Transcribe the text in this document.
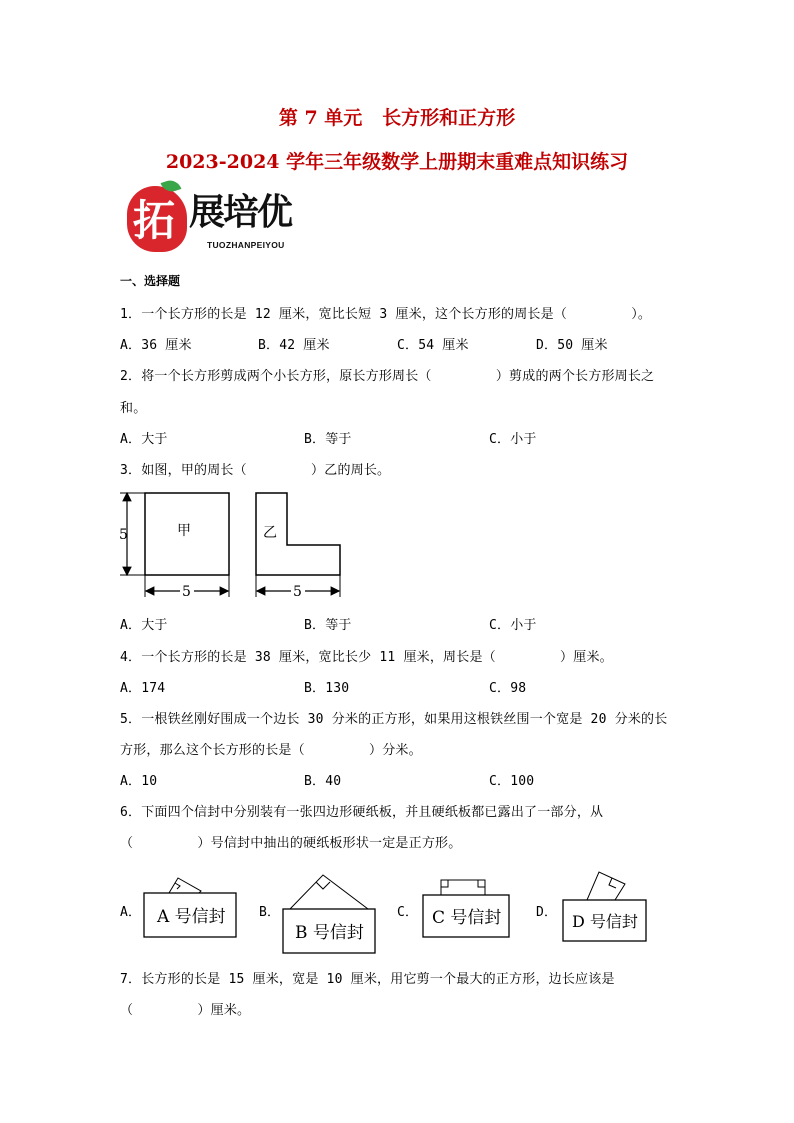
第 7 单元   长方形和正方形
2023-2024 学年三年级数学上册期末重难点知识练习
拓 展培优
TUOZHANPEIYOU
一、选择题
1．一个长方形的长是 12 厘米，宽比长短 3 厘米，这个长方形的周长是（        ）。
A．36 厘米	B．42 厘米	C．54 厘米	D．50 厘米
2．将一个长方形剪成两个小长方形，原长方形周长（        ）剪成的两个长方形周长之
和。
A．大于	B．等于	C．小于
3．如图，甲的周长（        ）乙的周长。
5	甲
5
乙
5
A．大于	B．等于	C．小于
4．一个长方形的长是 38 厘米，宽比长少 11 厘米，周长是（        ）厘米。
A．174	B．130	C．98
5．一根铁丝刚好围成一个边长 30 分米的正方形，如果用这根铁丝围一个宽是 20 分米的长
方形，那么这个长方形的长是（        ）分米。
A．10	B．40	C．100
6．下面四个信封中分别装有一张四边形硬纸板，并且硬纸板都已露出了一部分，从
（        ）号信封中抽出的硬纸板形状一定是正方形。
A．	B．	C．	D．
A 号信封
B 号信封
C 号信封	D 号信封
7．长方形的长是 15 厘米，宽是 10 厘米，用它剪一个最大的正方形，边长应该是
（        ）厘米。
